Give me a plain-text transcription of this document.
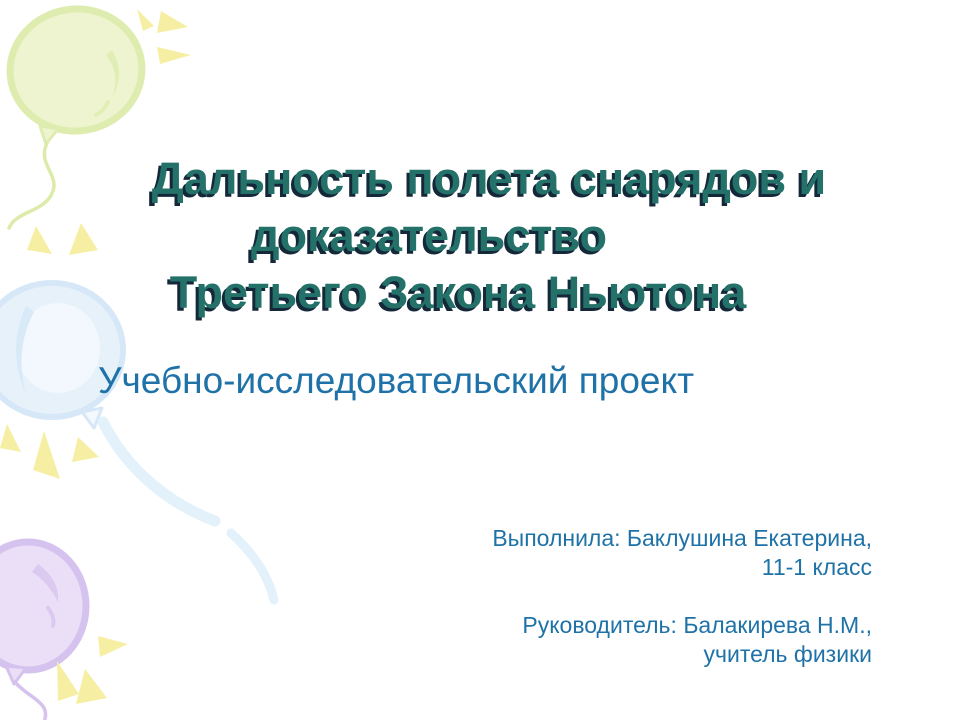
Дальность полета снарядов и
доказательство
Третьего Закона Ньютона
Учебно-исследовательский проект
Выполнила: Баклушина Екатерина,
11-1 класс
Руководитель: Балакирева Н.М.,
учитель физики
